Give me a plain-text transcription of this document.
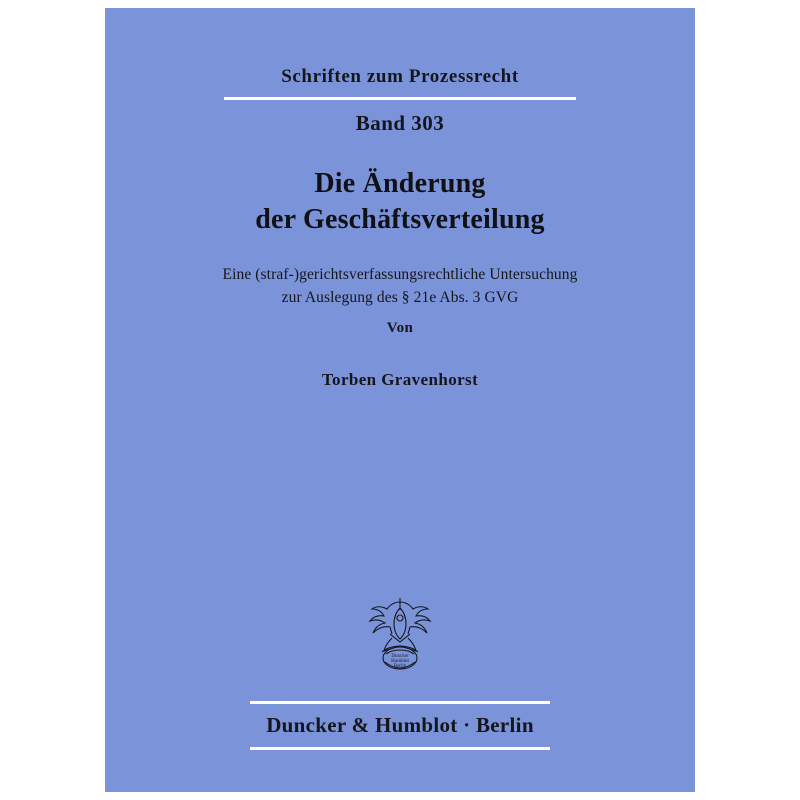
Schriften zum Prozessrecht
Band 303
Die Änderung
der Geschäftsverteilung
Eine (straf-)gerichtsverfassungsrechtliche Untersuchung
zur Auslegung des § 21e Abs. 3 GVG
Von
Torben Gravenhorst
Duncker
Humblot
Berlin
Duncker & Humblot · Berlin
